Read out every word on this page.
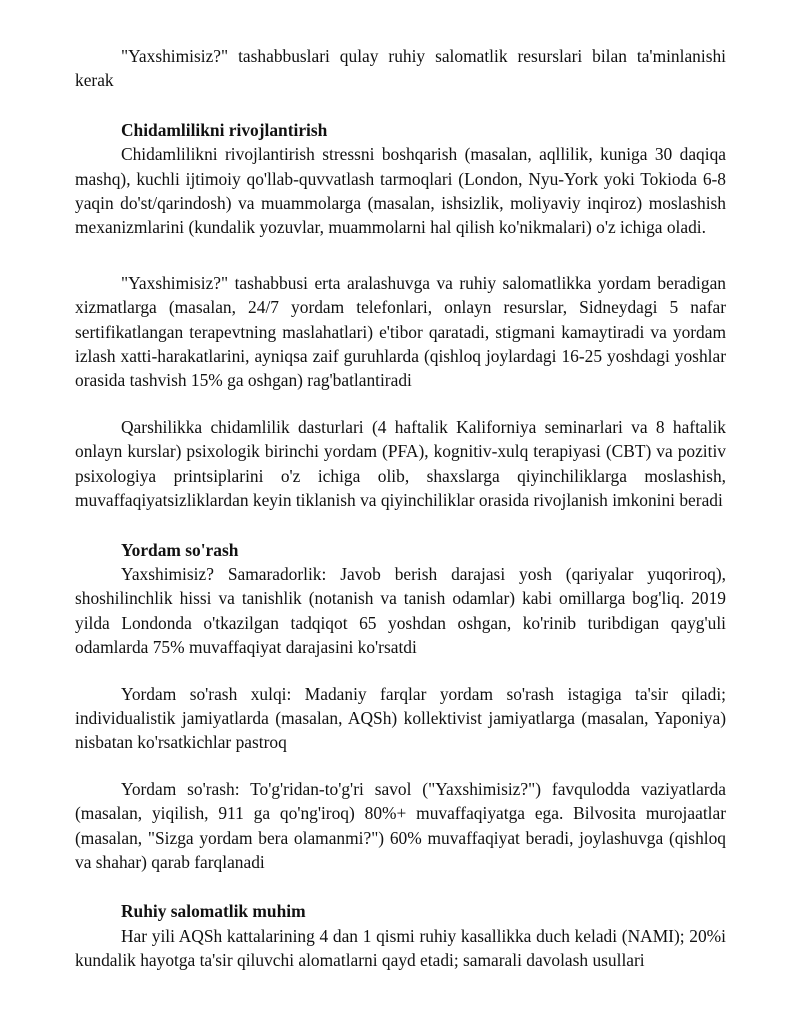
"Yaxshimisiz?" tashabbuslari qulay ruhiy salomatlik resurslari bilan ta'minlanishi kerak

Chidamlilikni rivojlantirish

Chidamlilikni rivojlantirish stressni boshqarish (masalan, aqllilik, kuniga 30 daqiqa mashq), kuchli ijtimoiy qo'llab-quvvatlash tarmoqlari (London, Nyu-York yoki Tokioda 6-8 yaqin do'st/qarindosh) va muammolarga (masalan, ishsizlik, moliyaviy inqiroz) moslashish mexanizmlarini (kundalik yozuvlar, muammolarni hal qilish ko'nikmalari) o'z ichiga oladi.

"Yaxshimisiz?" tashabbusi erta aralashuvga va ruhiy salomatlikka yordam beradigan xizmatlarga (masalan, 24/7 yordam telefonlari, onlayn resurslar, Sidneydagi 5 nafar sertifikatlangan terapevtning maslahatlari) e'tibor qaratadi, stigmani kamaytiradi va yordam izlash xatti-harakatlarini, ayniqsa zaif guruhlarda (qishloq joylardagi 16-25 yoshdagi yoshlar orasida tashvish 15% ga oshgan) rag'batlantiradi

Qarshilikka chidamlilik dasturlari (4 haftalik Kaliforniya seminarlari va 8 haftalik onlayn kurslar) psixologik birinchi yordam (PFA), kognitiv-xulq terapiyasi (CBT) va pozitiv psixologiya printsiplarini o'z ichiga olib, shaxslarga qiyinchiliklarga moslashish, muvaffaqiyatsizliklardan keyin tiklanish va qiyinchiliklar orasida rivojlanish imkonini beradi

Yordam so'rash

Yaxshimisiz? Samaradorlik: Javob berish darajasi yosh (qariyalar yuqoriroq), shoshilinchlik hissi va tanishlik (notanish va tanish odamlar) kabi omillarga bog'liq. 2019 yilda Londonda o'tkazilgan tadqiqot 65 yoshdan oshgan, ko'rinib turibdigan qayg'uli odamlarda 75% muvaffaqiyat darajasini ko'rsatdi

Yordam so'rash xulqi: Madaniy farqlar yordam so'rash istagiga ta'sir qiladi; individualistik jamiyatlarda (masalan, AQSh) kollektivist jamiyatlarga (masalan, Yaponiya) nisbatan ko'rsatkichlar pastroq

Yordam so'rash: To'g'ridan-to'g'ri savol ("Yaxshimisiz?") favqulodda vaziyatlarda (masalan, yiqilish, 911 ga qo'ng'iroq) 80%+ muvaffaqiyatga ega. Bilvosita murojaatlar (masalan, "Sizga yordam bera olamanmi?") 60% muvaffaqiyat beradi, joylashuvga (qishloq va shahar) qarab farqlanadi

Ruhiy salomatlik muhim

Har yili AQSh kattalarining 4 dan 1 qismi ruhiy kasallikka duch keladi (NAMI); 20%i kundalik hayotga ta'sir qiluvchi alomatlarni qayd etadi; samarali davolash usullari
